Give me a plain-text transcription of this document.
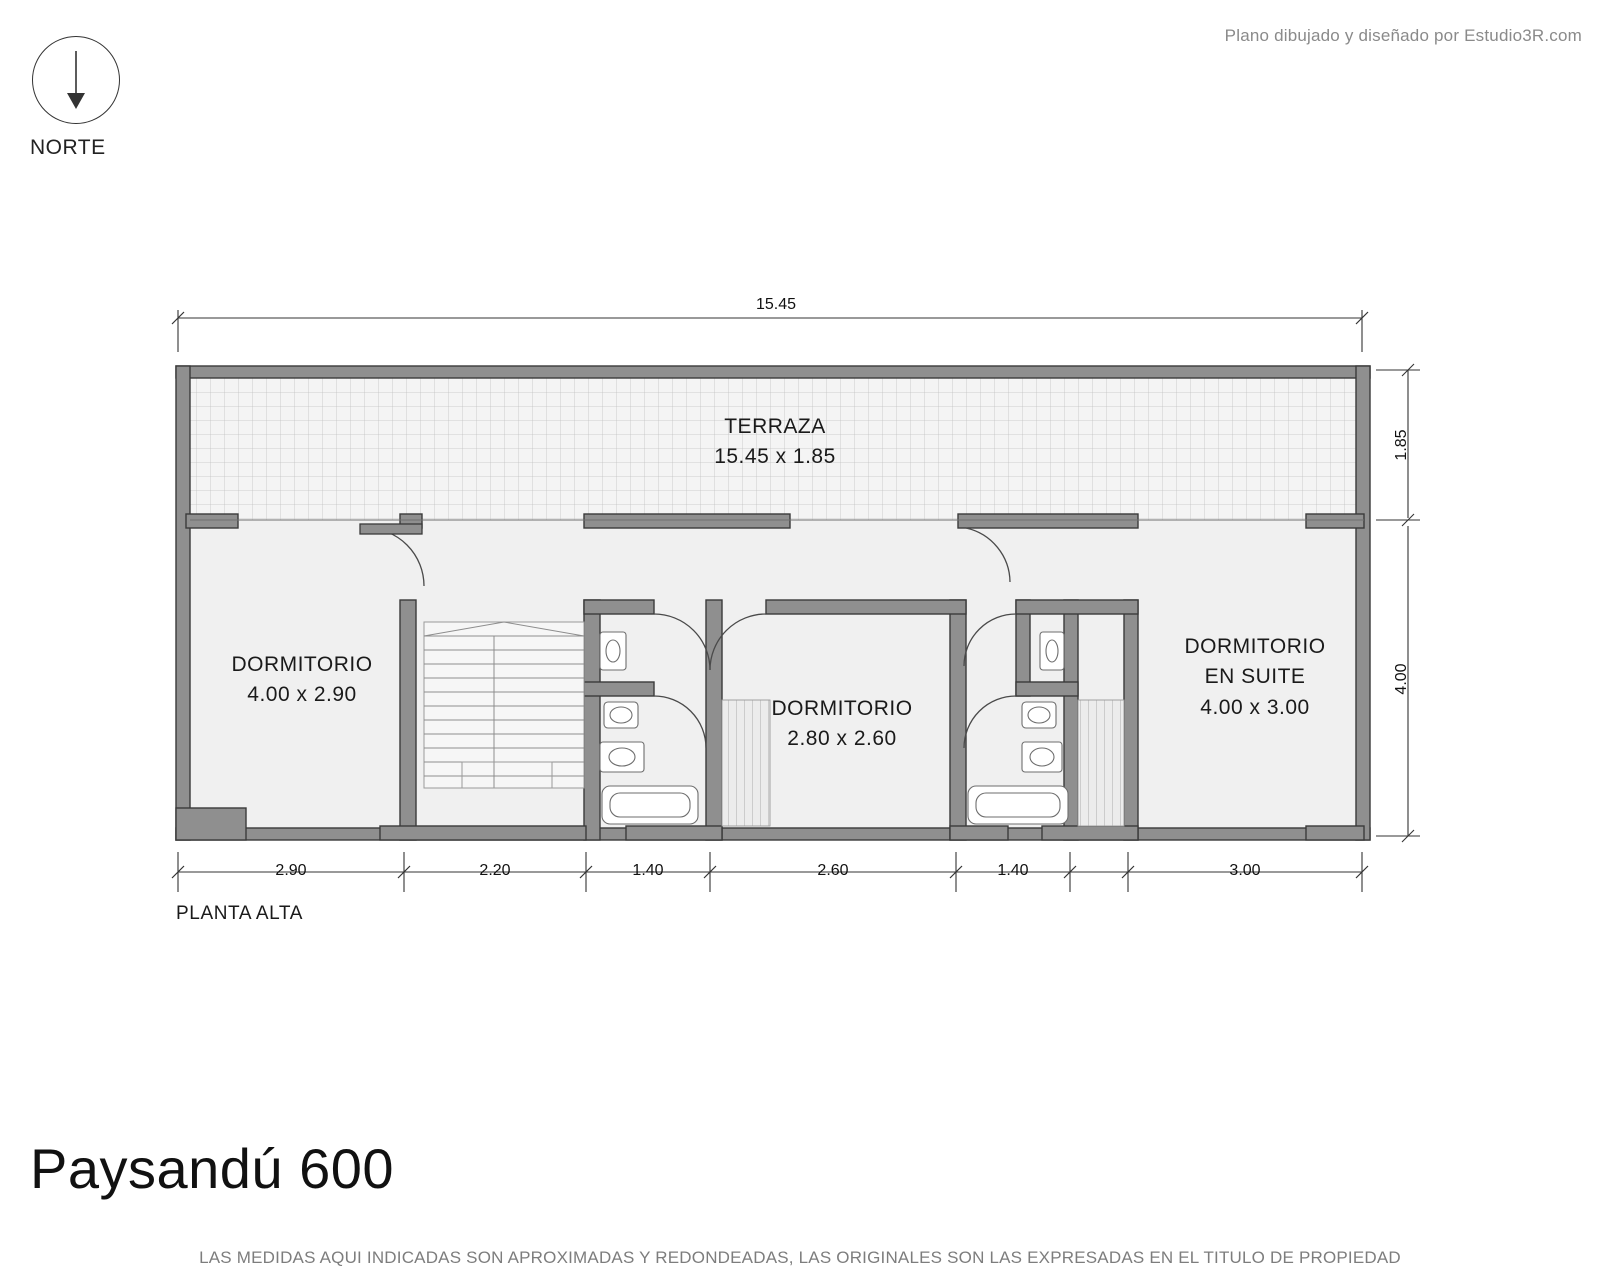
Plano dibujado y diseñado por Estudio3R.com
NORTE
15.45
TERRAZA
15.45 x 1.85
DORMITORIO
4.00 x 2.90
DORMITORIO
2.80 x 2.60
DORMITORIO
EN SUITE
4.00 x 3.00
1.85
4.00
2.90	2.20	1.40	2.60	1.40	3.00
PLANTA ALTA
Paysandú 600
LAS MEDIDAS AQUI INDICADAS SON APROXIMADAS Y REDONDEADAS, LAS ORIGINALES SON LAS EXPRESADAS EN EL TITULO DE PROPIEDAD
